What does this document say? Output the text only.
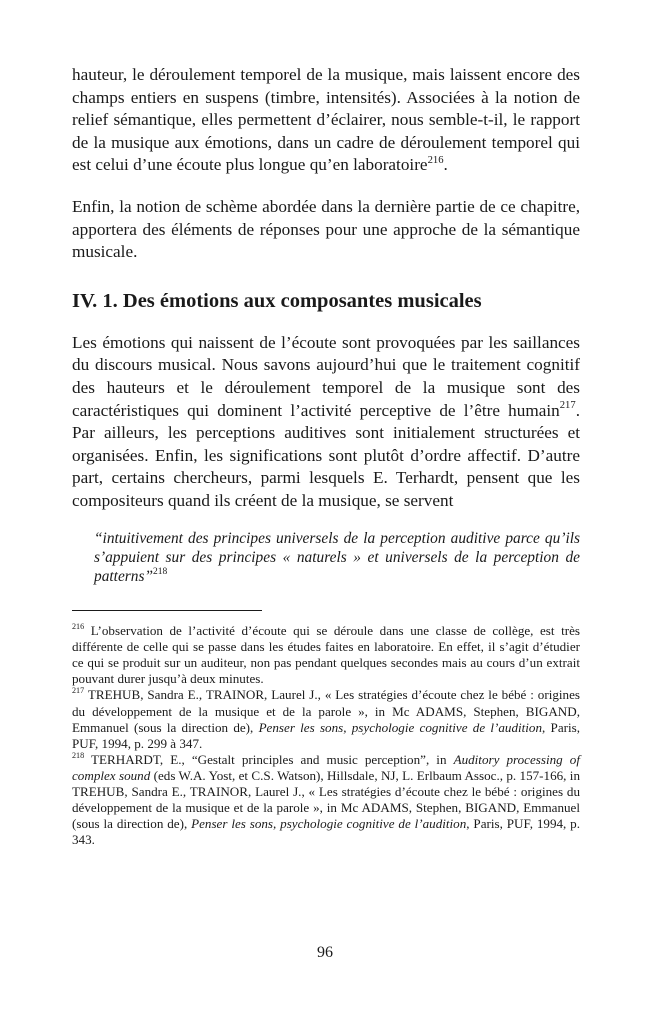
hauteur, le déroulement temporel de la musique, mais laissent encore des champs entiers en suspens (timbre, intensités). Associées à la notion de relief sémantique, elles permettent d’éclairer, nous semble-t-il, le rapport de la musique aux émotions, dans un cadre de déroulement temporel qui est celui d’une écoute plus longue qu’en laboratoire$^{216}$.

Enfin, la notion de schème abordée dans la dernière partie de ce chapitre, apportera des éléments de réponses pour une approche de la sémantique musicale.

IV. 1. Des émotions aux composantes musicales

Les émotions qui naissent de l’écoute sont provoquées par les saillances du discours musical. Nous savons aujourd’hui que le traitement cognitif des hauteurs et le déroulement temporel de la musique sont des caractéristiques qui dominent l’activité perceptive de l’être humain$^{217}$. Par ailleurs, les perceptions auditives sont initialement structurées et organisées. Enfin, les significations sont plutôt d’ordre affectif. D’autre part, certains chercheurs, parmi lesquels E. Terhardt, pensent que les compositeurs quand ils créent de la musique, se servent

“intuitivement des principes universels de la perception auditive parce qu’ils s’appuient sur des principes « naturels » et universels de la perception de patterns”$^{218}$

$^{216}$ L’observation de l’activité d’écoute qui se déroule dans une classe de collège, est très différente de celle qui se passe dans les études faites en laboratoire. En effet, il s’agit d’étudier ce qui se produit sur un auditeur, non pas pendant quelques secondes mais au cours d’un extrait pouvant durer jusqu’à deux minutes.

$^{217}$ TREHUB, Sandra E., TRAINOR, Laurel J., « Les stratégies d’écoute chez le bébé : origines du développement de la musique et de la parole », in Mc ADAMS, Stephen, BIGAND, Emmanuel (sous la direction de), Penser les sons, psychologie cognitive de l’audition, Paris, PUF, 1994, p. 299 à 347.

$^{218}$ TERHARDT, E., “Gestalt principles and music perception”, in Auditory processing of complex sound (eds W.A. Yost, et C.S. Watson), Hillsdale, NJ, L. Erlbaum Assoc., p. 157-166, in TREHUB, Sandra E., TRAINOR, Laurel J., « Les stratégies d’écoute chez le bébé : origines du développement de la musique et de la parole », in Mc ADAMS, Stephen, BIGAND, Emmanuel (sous la direction de), Penser les sons, psychologie cognitive de l’audition, Paris, PUF, 1994, p. 343.

96
